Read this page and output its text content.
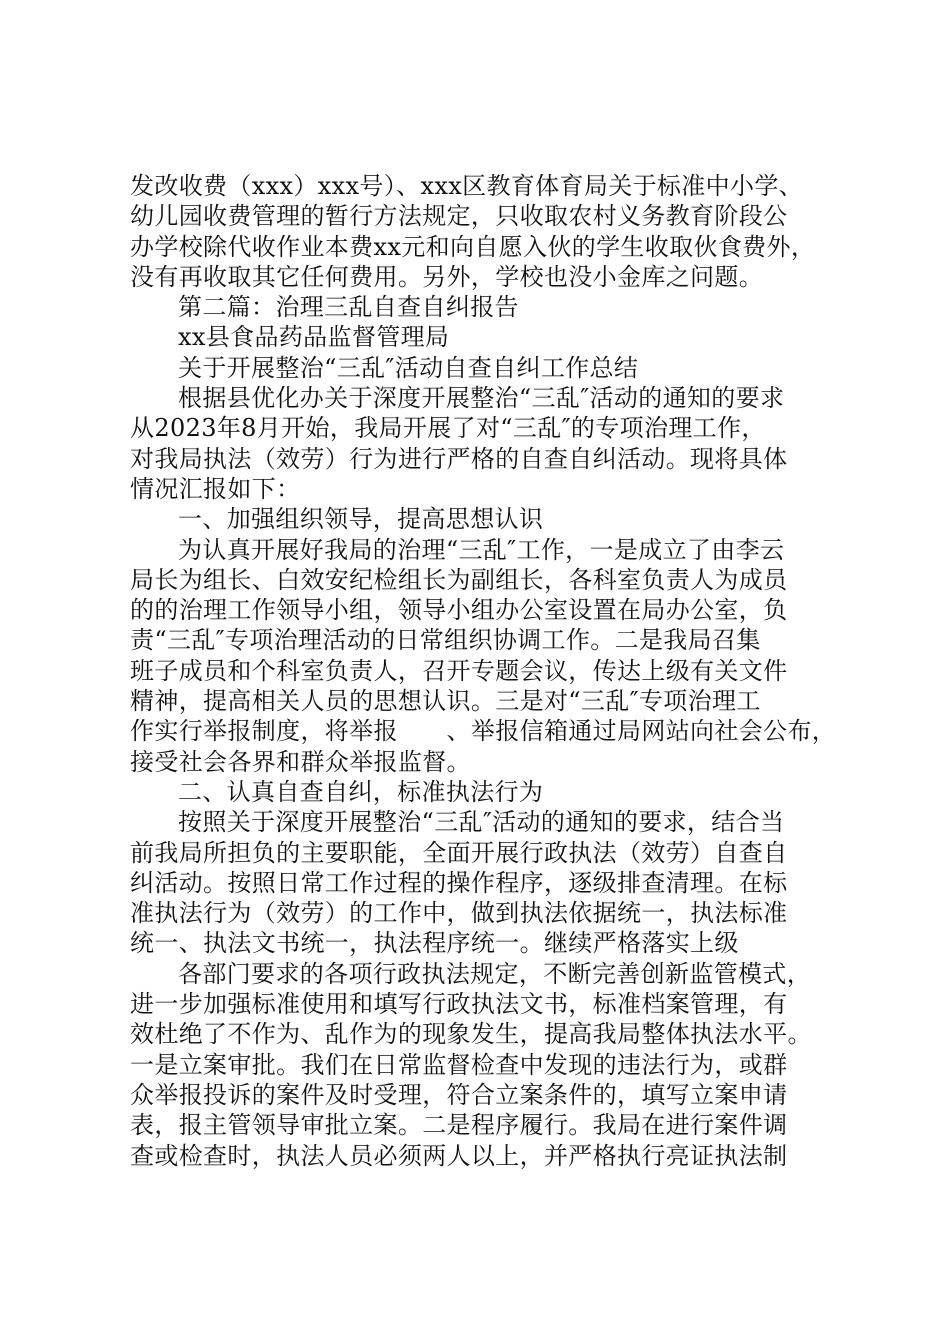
发改收费（xxx）xxx号）、xxx区教育体育局关于标准中小学、
幼儿园收费管理的暂行方法规定，只收取农村义务教育阶段公
办学校除代收作业本费xx元和向自愿入伙的学生收取伙食费外，
没有再收取其它任何费用。另外，学校也没小金库之问题。
第二篇：治理三乱自查自纠报告
xx县食品药品监督管理局
关于开展整治“三乱″活动自查自纠工作总结
根据县优化办关于深度开展整治“三乱″活动的通知的要求
从2023年8月开始，我局开展了对“三乱″的专项治理工作，
对我局执法（效劳）行为进行严格的自查自纠活动。现将具体
情况汇报如下：
一、加强组织领导，提高思想认识
为认真开展好我局的治理“三乱″工作，一是成立了由李云
局长为组长、白效安纪检组长为副组长，各科室负责人为成员
的的治理工作领导小组，领导小组办公室设置在局办公室，负
责“三乱″专项治理活动的日常组织协调工作。二是我局召集
班子成员和个科室负责人，召开专题会议，传达上级有关文件
精神，提高相关人员的思想认识。三是对“三乱″专项治理工
作实行举报制度，将举报　　、举报信箱通过局网站向社会公布，
接受社会各界和群众举报监督。
二、认真自查自纠，标准执法行为
按照关于深度开展整治“三乱″活动的通知的要求，结合当
前我局所担负的主要职能，全面开展行政执法（效劳）自查自
纠活动。按照日常工作过程的操作程序，逐级排查清理。在标
准执法行为（效劳）的工作中，做到执法依据统一，执法标准
统一、执法文书统一，执法程序统一。继续严格落实上级
各部门要求的各项行政执法规定，不断完善创新监管模式，
进一步加强标准使用和填写行政执法文书，标准档案管理，有
效杜绝了不作为、乱作为的现象发生，提高我局整体执法水平。
一是立案审批。我们在日常监督检查中发现的违法行为，或群
众举报投诉的案件及时受理，符合立案条件的，填写立案申请
表，报主管领导审批立案。二是程序履行。我局在进行案件调
查或检查时，执法人员必须两人以上，并严格执行亮证执法制
